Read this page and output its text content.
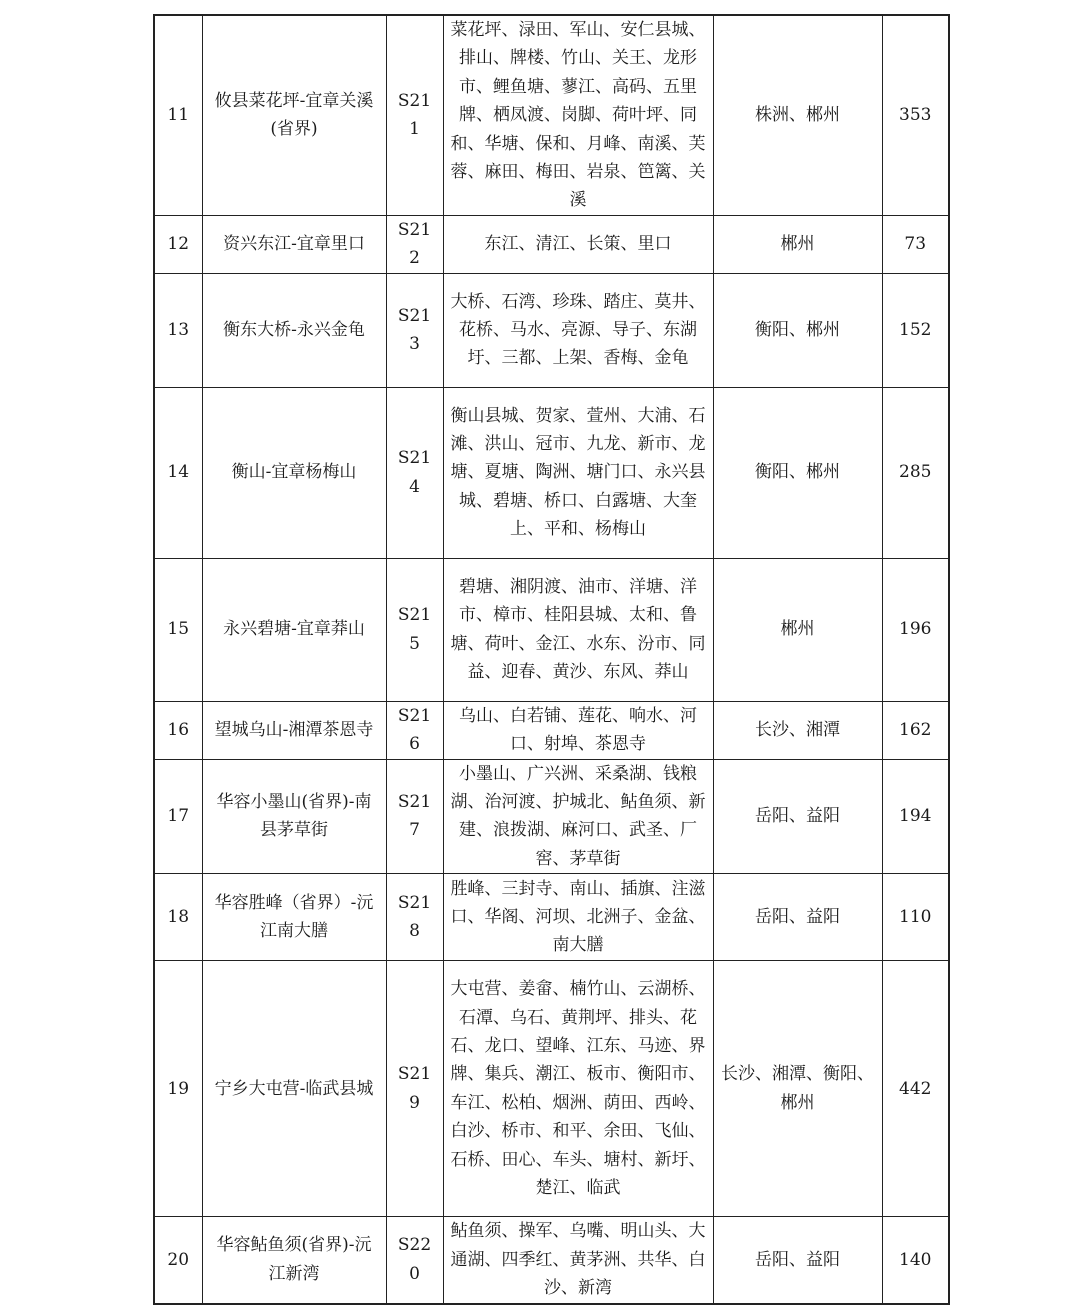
11	攸县菜花坪-宜章关溪(省界)	S211	菜花坪、渌田、军山、安仁县城、排山、牌楼、竹山、关王、龙形市、鲤鱼塘、蓼江、高码、五里牌、栖凤渡、岗脚、荷叶坪、同和、华塘、保和、月峰、南溪、芙蓉、麻田、梅田、岩泉、笆篱、关溪	株洲、郴州	353
12	资兴东江-宜章里口	S212	东江、清江、长策、里口	郴州	73
13	衡东大桥-永兴金龟	S213	大桥、石湾、珍珠、踏庄、莫井、花桥、马水、亮源、导子、东湖圩、三都、上架、香梅、金龟	衡阳、郴州	152
14	衡山-宜章杨梅山	S214	衡山县城、贺家、萱州、大浦、石滩、洪山、冠市、九龙、新市、龙塘、夏塘、陶洲、塘门口、永兴县城、碧塘、桥口、白露塘、大奎上、平和、杨梅山	衡阳、郴州	285
15	永兴碧塘-宜章莽山	S215	碧塘、湘阴渡、油市、洋塘、洋市、樟市、桂阳县城、太和、鲁塘、荷叶、金江、水东、汾市、同益、迎春、黄沙、东风、莽山	郴州	196
16	望城乌山-湘潭茶恩寺	S216	乌山、白若铺、莲花、响水、河口、射埠、茶恩寺	长沙、湘潭	162
17	华容小墨山(省界)-南县茅草街	S217	小墨山、广兴洲、采桑湖、钱粮湖、治河渡、护城北、鲇鱼须、新建、浪拨湖、麻河口、武圣、厂窖、茅草街	岳阳、益阳	194
18	华容胜峰（省界）-沅江南大膳	S218	胜峰、三封寺、南山、插旗、注滋口、华阁、河坝、北洲子、金盆、南大膳	岳阳、益阳	110
19	宁乡大屯营-临武县城	S219	大屯营、姜畲、楠竹山、云湖桥、石潭、乌石、黄荆坪、排头、花石、龙口、望峰、江东、马迹、界牌、集兵、潮江、板市、衡阳市、车江、松柏、烟洲、荫田、西岭、白沙、桥市、和平、余田、飞仙、石桥、田心、车头、塘村、新圩、楚江、临武	长沙、湘潭、衡阳、郴州	442
20	华容鲇鱼须(省界)-沅江新湾	S220	鲇鱼须、操军、乌嘴、明山头、大通湖、四季红、黄茅洲、共华、白沙、新湾	岳阳、益阳	140
